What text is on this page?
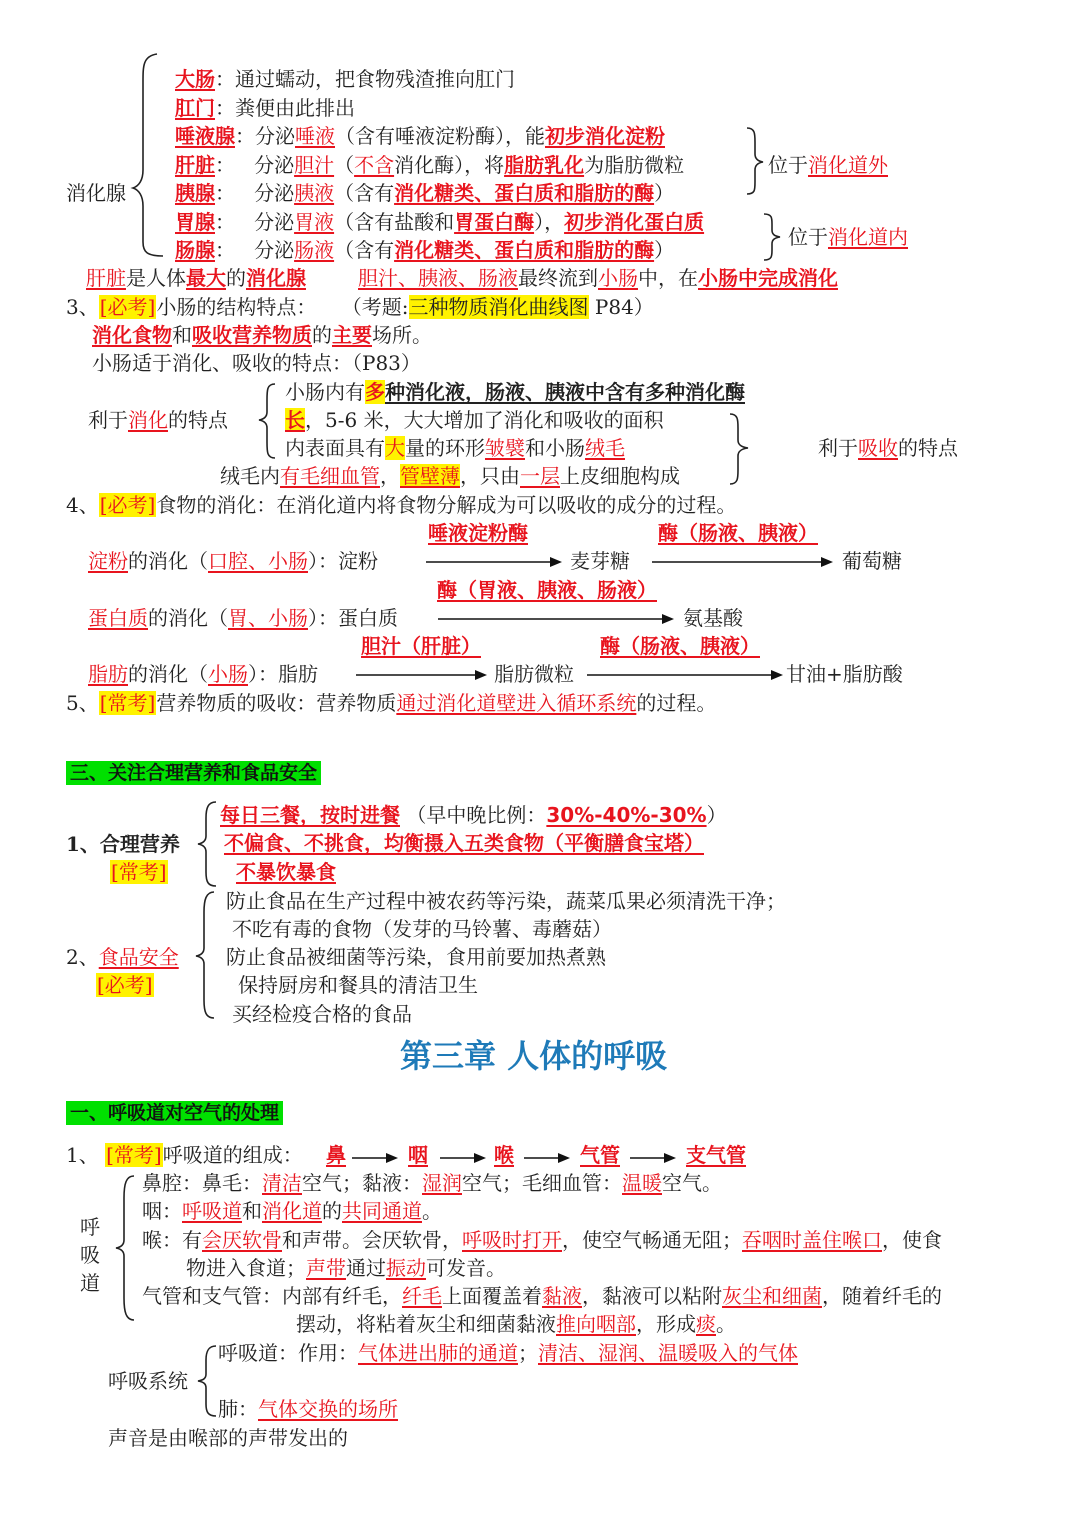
消化腺
大肠：通过蠕动，把食物残渣推向肛门
肛门：粪便由此排出
唾液腺：分泌唾液（含有唾液淀粉酶），能初步消化淀粉
肝脏： 分泌胆汁（不含消化酶），将脂肪乳化为脂肪微粒
胰腺： 分泌胰液（含有消化糖类、蛋白质和脂肪的酶）
胃腺： 分泌胃液（含有盐酸和胃蛋白酶），初步消化蛋白质
肠腺： 分泌肠液（含有消化糖类、蛋白质和脂肪的酶）
位于消化道外
位于消化道内
肝脏是人体最大的消化腺	胆汁、胰液、肠液最终流到小肠中，在小肠中完成消化
3、[必考]小肠的结构特点： （考题:三种物质消化曲线图 P84）
消化食物和吸收营养物质的主要场所。
小肠适于消化、吸收的特点：（P83）
利于消化的特点
小肠内有多种消化液，肠液、胰液中含有多种消化酶
长，5-6 米，大大增加了消化和吸收的面积
内表面具有大量的环形皱襞和小肠绒毛
绒毛内有毛细血管，管壁薄，只由一层上皮细胞构成
利于吸收的特点
4、[必考]食物的消化：在消化道内将食物分解成为可以吸收的成分的过程。
唾液淀粉酶	酶（肠液、胰液）
淀粉的消化（口腔、小肠）：淀粉	麦芽糖	葡萄糖
酶（胃液、胰液、肠液）
蛋白质的消化（胃、小肠）：蛋白质	氨基酸
胆汁（肝脏）	酶（肠液、胰液）
脂肪的消化（小肠）：脂肪	脂肪微粒	甘油+脂肪酸
5、[常考]营养物质的吸收：营养物质通过消化道壁进入循环系统的过程。
三、关注合理营养和食品安全
1、合理营养
[常考]
每日三餐，按时进餐 （早中晚比例：30%-40%-30%）
不偏食、不挑食，均衡摄入五类食物（平衡膳食宝塔）
不暴饮暴食
2、食品安全
[必考]
防止食品在生产过程中被农药等污染，蔬菜瓜果必须清洗干净；
不吃有毒的食物（发芽的马铃薯、毒蘑菇）
防止食品被细菌等污染，食用前要加热煮熟
保持厨房和餐具的清洁卫生
买经检疫合格的食品
第三章 人体的呼吸
一、呼吸道对空气的处理
1、 [常考]呼吸道的组成： 鼻	咽	喉	气管	支气管
呼
吸
道
鼻腔：鼻毛：清洁空气；黏液：湿润空气；毛细血管：温暖空气。
咽：呼吸道和消化道的共同通道。
喉：有会厌软骨和声带。会厌软骨，呼吸时打开，使空气畅通无阻；吞咽时盖住喉口，使食
物进入食道；声带通过振动可发音。
气管和支气管：内部有纤毛，纤毛上面覆盖着黏液，黏液可以粘附灰尘和细菌，随着纤毛的
摆动，将粘着灰尘和细菌黏液推向咽部，形成痰。
呼吸系统
呼吸道：作用：气体进出肺的通道；清洁、湿润、温暖吸入的气体
肺：气体交换的场所
声音是由喉部的声带发出的
